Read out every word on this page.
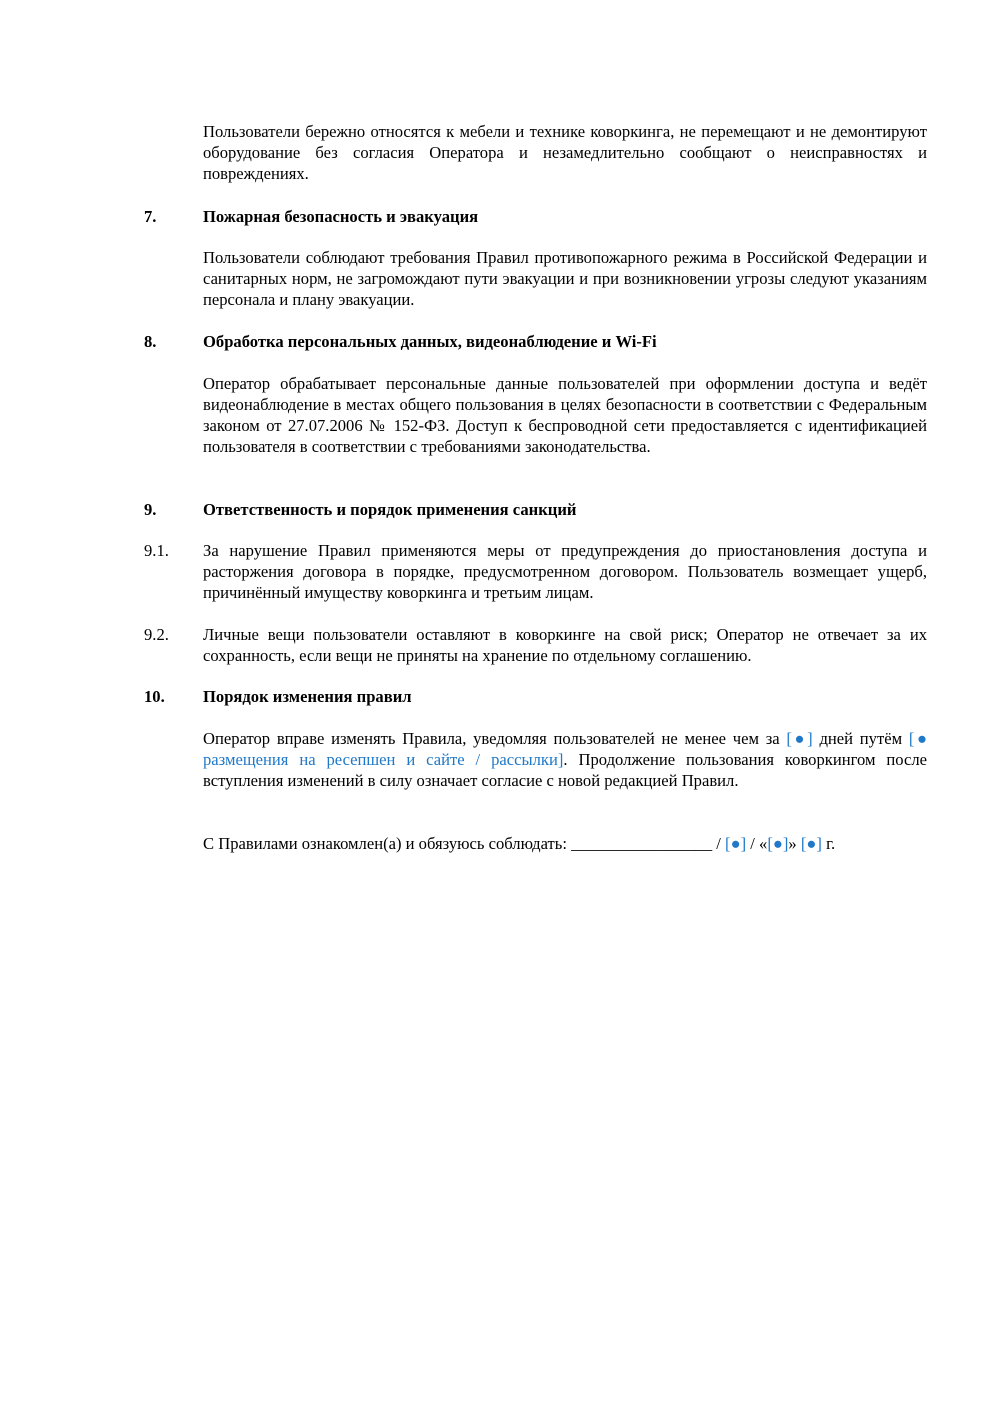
Пользователи бережно относятся к мебели и технике коворкинга, не перемещают и не демонтируют оборудование без согласия Оператора и незамедлительно сообщают о неисправностях и повреждениях.

7.	Пожарная безопасность и эвакуация

Пользователи соблюдают требования Правил противопожарного режима в Российской Федерации и санитарных норм, не загромождают пути эвакуации и при возникновении угрозы следуют указаниям персонала и плану эвакуации.

8.	Обработка персональных данных, видеонаблюдение и Wi-Fi

Оператор обрабатывает персональные данные пользователей при оформлении доступа и ведёт видеонаблюдение в местах общего пользования в целях безопасности в соответствии с Федеральным законом от 27.07.2006 № 152-ФЗ. Доступ к беспроводной сети предоставляется с идентификацией пользователя в соответствии с требованиями законодательства.

9.	Ответственность и порядок применения санкций

9.1. За нарушение Правил применяются меры от предупреждения до приостановления доступа и расторжения договора в порядке, предусмотренном договором. Пользователь возмещает ущерб, причинённый имуществу коворкинга и третьим лицам.

9.2. Личные вещи пользователи оставляют в коворкинге на свой риск; Оператор не отвечает за их сохранность, если вещи не приняты на хранение по отдельному соглашению.

10. Порядок изменения правил

Оператор вправе изменять Правила, уведомляя пользователей не менее чем за [●] дней путём [● размещения на ресепшен и сайте / рассылки]. Продолжение пользования коворкингом после вступления изменений в силу означает согласие с новой редакцией Правил.

С Правилами ознакомлен(а) и обязуюсь соблюдать: _________________ / [●] / «[●]» [●] г.
